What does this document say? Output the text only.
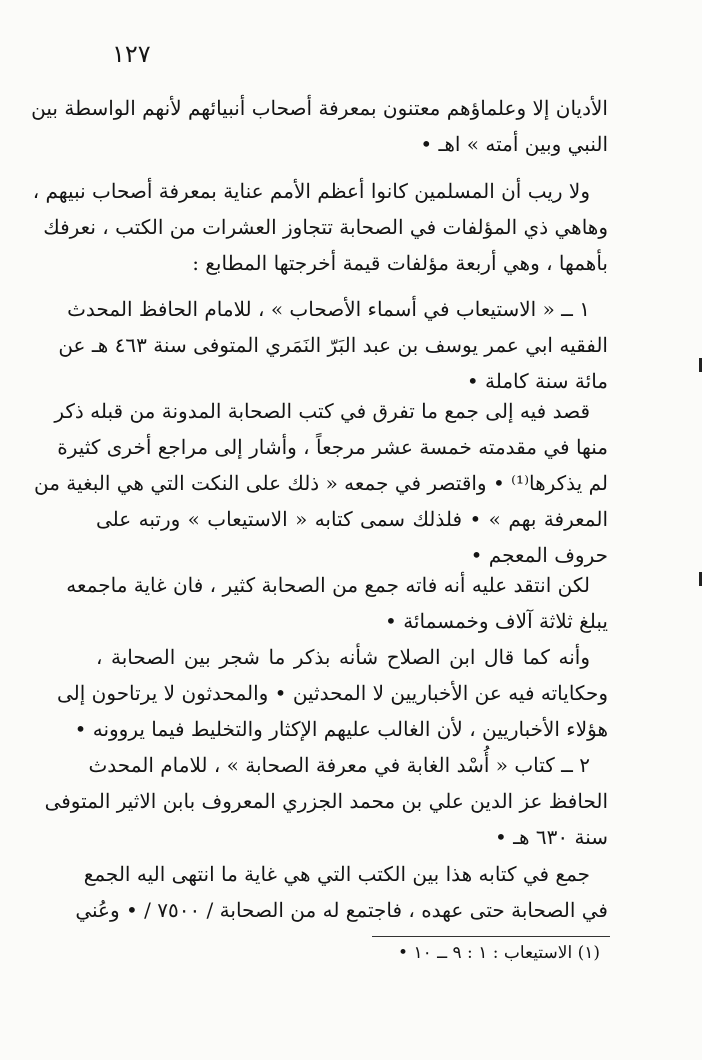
١٢٧
الأديان إلا وعلماؤهم معتنون بمعرفة أصحاب أنبيائهم لأنهم الواسطة بين
النبي وبين أمته » اهـ •
ولا ريب أن المسلمين كانوا أعظم الأمم عناية بمعرفة أصحاب نبيهم ،
وهاهي ذي المؤلفات في الصحابة تتجاوز العشرات من الكتب ، نعرفك
بأهمها ، وهي أربعة مؤلفات قيمة أخرجتها المطابع :
١ ــ « الاستيعاب في أسماء الأصحاب » ، للامام الحافظ المحدث
الفقيه ابي عمر يوسف بن عبد البَرّ النَمَري المتوفى سنة ٤٦٣ هـ عن
مائة سنة كاملة •
قصد فيه إلى جمع ما تفرق في كتب الصحابة المدونة من قبله ذكر
منها في مقدمته خمسة عشر مرجعاً ، وأشار إلى مراجع أخرى كثيرة
لم يذكرها⁽¹⁾ • واقتصر في جمعه « ذلك على النكت التي هي البغية من
المعرفة بهم » • فلذلك سمى كتابه « الاستيعاب » ورتبه على
حروف المعجم •
لكن انتقد عليه أنه فاته جمع من الصحابة كثير ، فان غاية ماجمعه
يبلغ ثلاثة آلاف وخمسمائة •
وأنه كما قال ابن الصلاح شأنه بذكر ما شجر بين الصحابة ،
وحكاياته فيه عن الأخباريين لا المحدثين • والمحدثون لا يرتاحون إلى
هؤلاء الأخباريين ، لأن الغالب عليهم الإكثار والتخليط فيما يروونه •
٢ ــ كتاب « أُسْد الغابة في معرفة الصحابة » ، للامام المحدث
الحافظ عز الدين علي بن محمد الجزري المعروف بابن الاثير المتوفى
سنة ٦٣٠ هـ •
جمع في كتابه هذا بين الكتب التي هي غاية ما انتهى اليه الجمع
في الصحابة حتى عهده ، فاجتمع له من الصحابة / ٧٥٠٠ / • وعُني
(١) الاستيعاب : ١ : ٩ ــ ١٠ •
